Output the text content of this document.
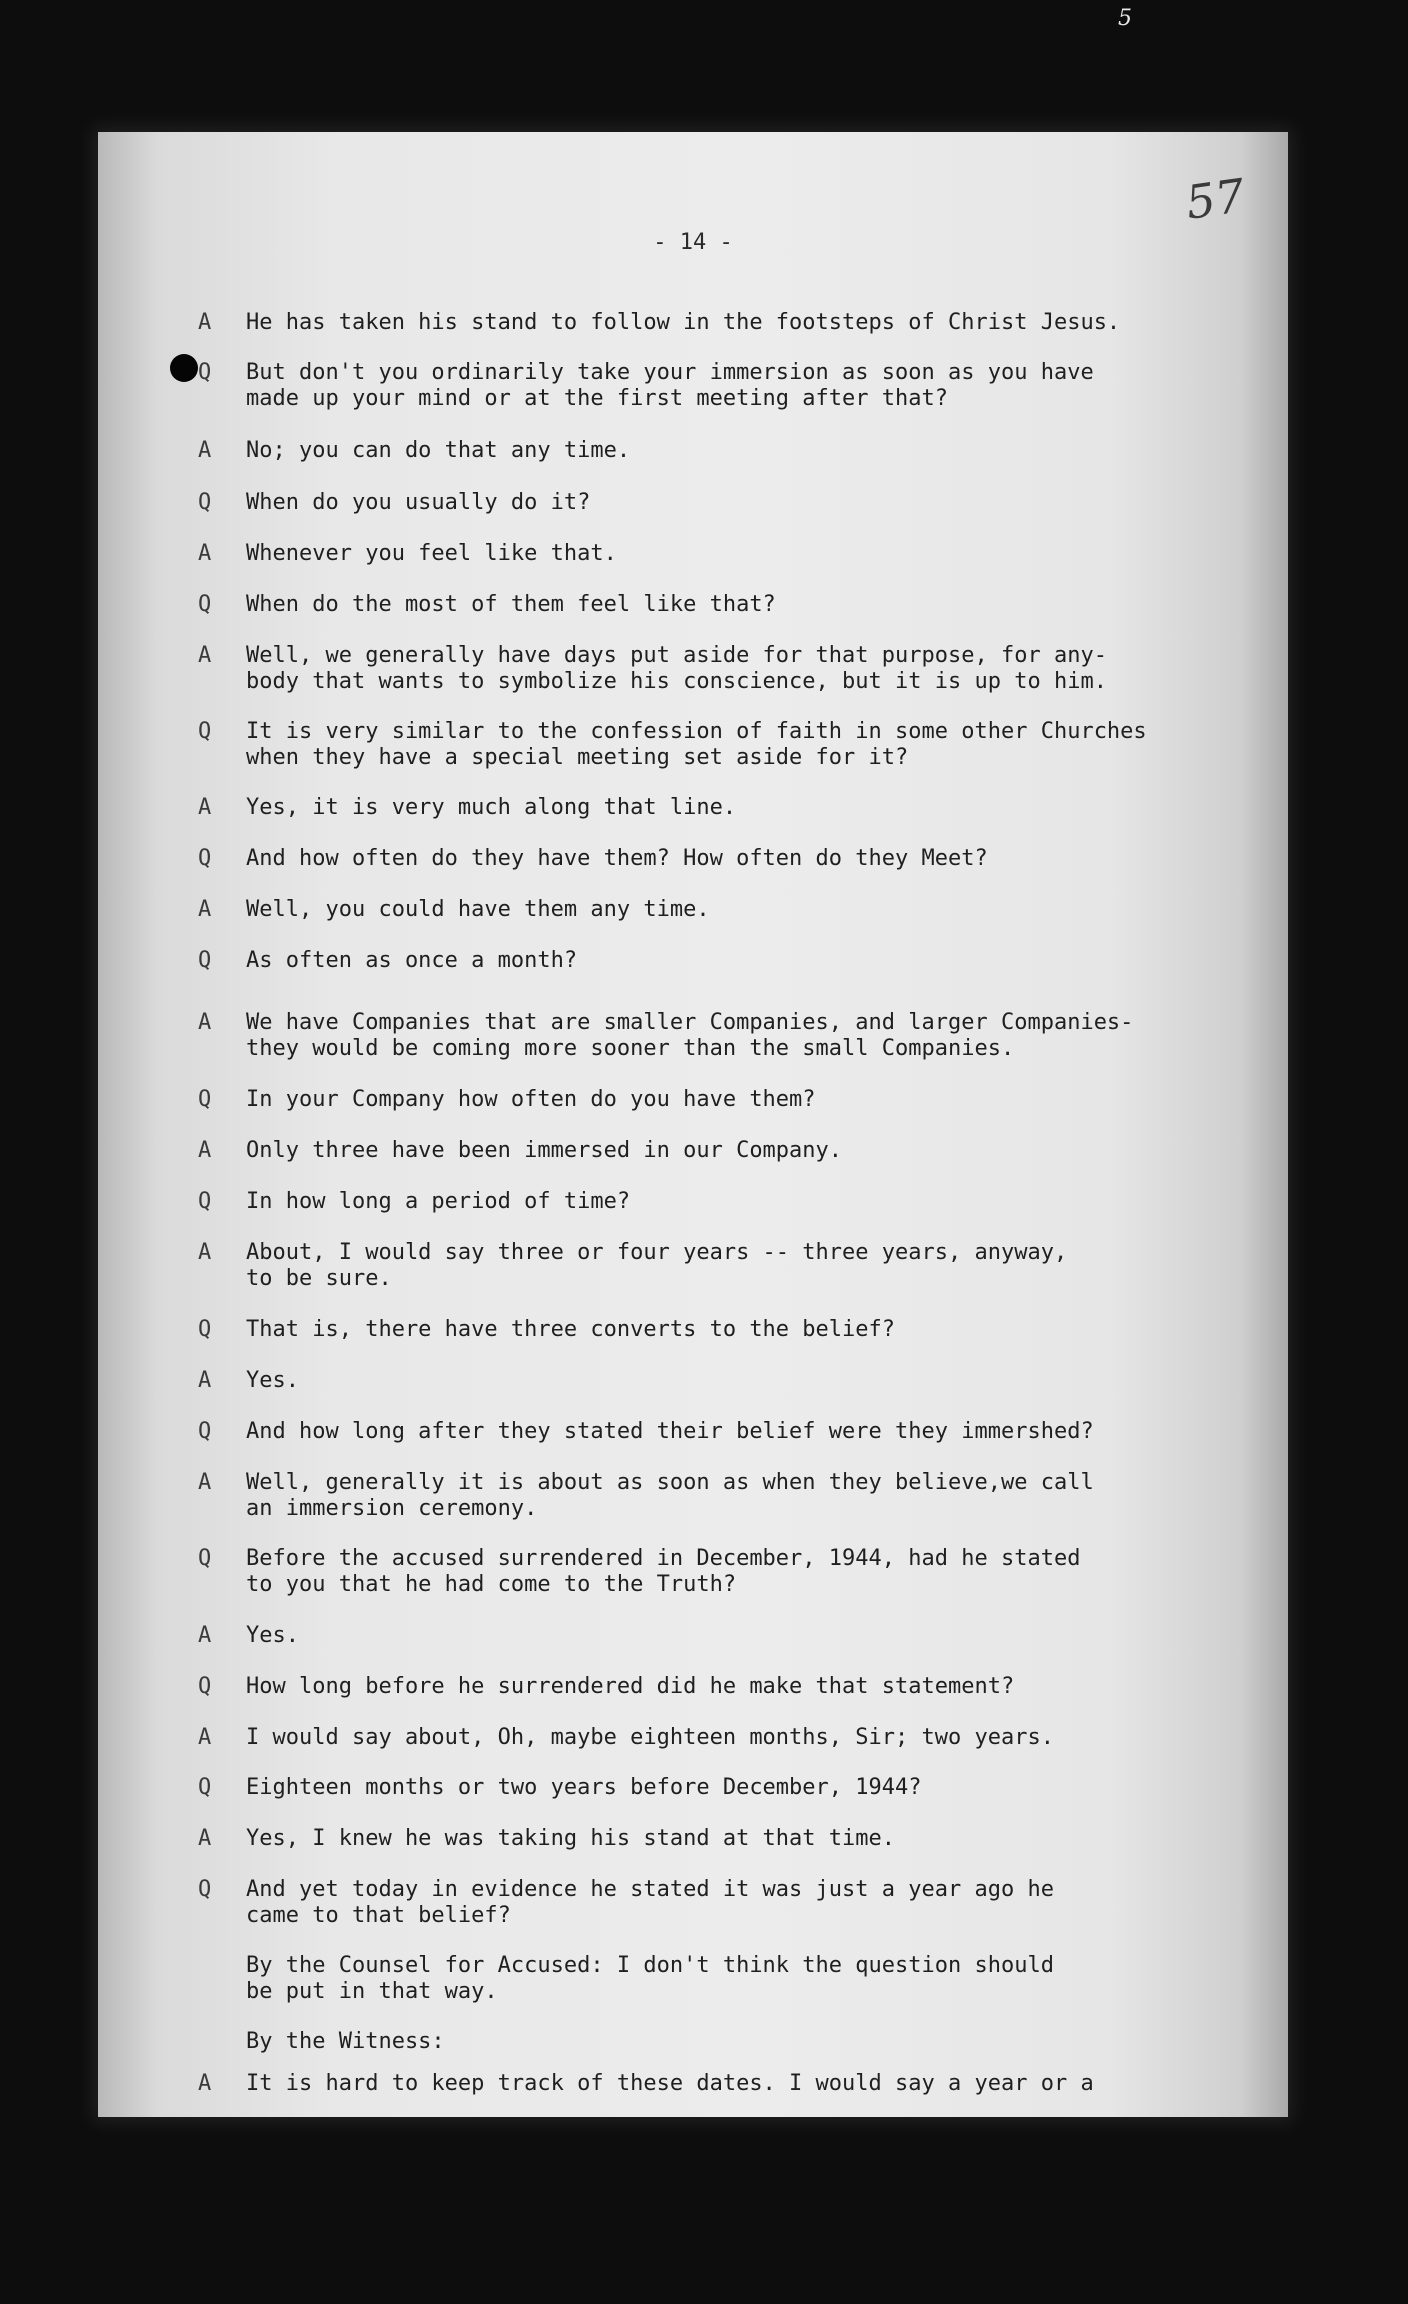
5
57
- 14 -
A He has taken his stand to follow in the footsteps of Christ Jesus.
Q But don't you ordinarily take your immersion as soon as you have
made up your mind or at the first meeting after that?
A No; you can do that any time.
Q When do you usually do it?
A Whenever you feel like that.
Q When do the most of them feel like that?
A Well, we generally have days put aside for that purpose, for any-
body that wants to symbolize his conscience, but it is up to him.
Q It is very similar to the confession of faith in some other Churches
when they have a special meeting set aside for it?
A Yes, it is very much along that line.
Q And how often do they have them? How often do they Meet?
A Well, you could have them any time.
Q As often as once a month?
A We have Companies that are smaller Companies, and larger Companies-
they would be coming more sooner than the small Companies.
Q In your Company how often do you have them?
A Only three have been immersed in our Company.
Q In how long a period of time?
A About, I would say three or four years -- three years, anyway,
to be sure.
Q That is, there have three converts to the belief?
A Yes.
Q And how long after they stated their belief were they immershed?
A Well, generally it is about as soon as when they believe,we call
an immersion ceremony.
Q Before the accused surrendered in December, 1944, had he stated
to you that he had come to the Truth?
A Yes.
Q How long before he surrendered did he make that statement?
A I would say about, Oh, maybe eighteen months, Sir; two years.
Q Eighteen months or two years before December, 1944?
A Yes, I knew he was taking his stand at that time.
Q And yet today in evidence he stated it was just a year ago he
came to that belief?
By the Counsel for Accused: I don't think the question should
be put in that way.
By the Witness:
A It is hard to keep track of these dates. I would say a year or a
